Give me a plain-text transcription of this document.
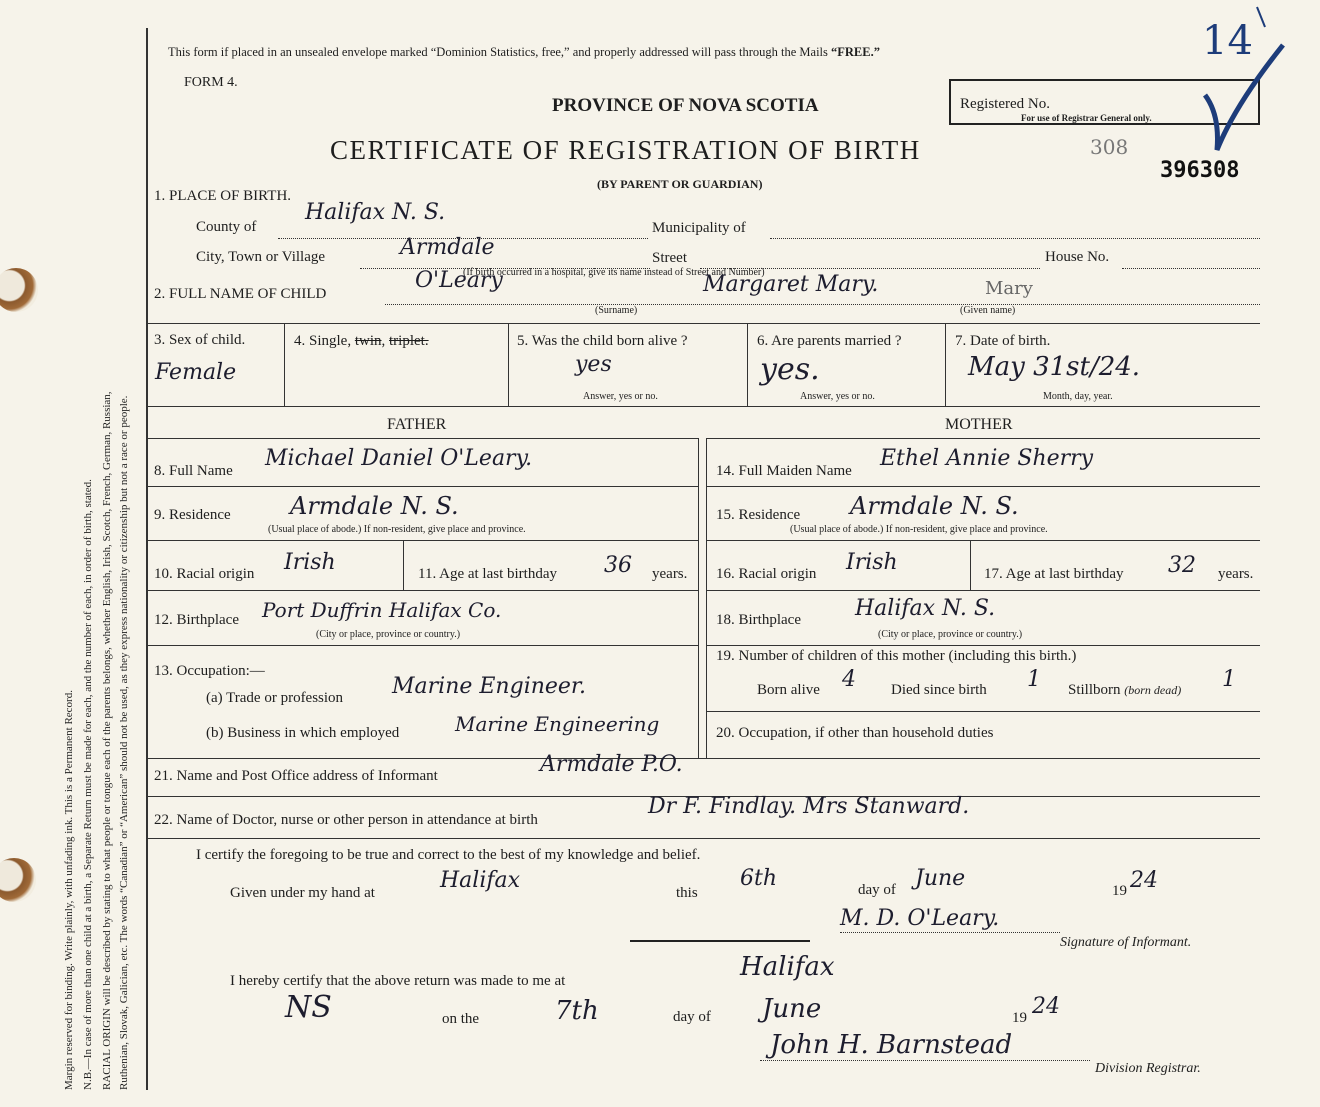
Margin reserved for binding. Write plainly, with unfading ink. This is a Permanent Record. N.B.—In case of more than one child at a birth, a Separate Return must be made for each, and the number of each, in order of birth, stated. RACIAL ORIGIN will be described by stating to what people or tongue each of the parents belongs, whether English, Irish, Scotch, French, German, Russian, Ruthenian, Slovak, Galician, etc. The words “Canadian” or “American” should not be used, as they express nationality or citizenship but not a race or people.
This form if placed in an unsealed envelope marked “Dominion Statistics, free,” and properly addressed will pass through the Mails “FREE.”
FORM 4.
PROVINCE OF NOVA SCOTIA
CERTIFICATE OF REGISTRATION OF BIRTH
(BY PARENT OR GUARDIAN)
Registered No.
For use of Registrar General only.
308
396308
14
1. PLACE OF BIRTH.
County of
Halifax N. S.
Municipality of
City, Town or Village	Armdale	Street	House No.
(If birth occurred in a hospital, give its name instead of Street and Number)
2. FULL NAME OF CHILD
O'Leary	Margaret Mary.	Mary
(Surname)	(Given name)
3. Sex of child.
Female
4. Single, twin, triplet.	5. Was the child born alive ?
yes
Answer, yes or no.
6. Are parents married ?
yes.
Answer, yes or no.
7. Date of birth.
May 31st/24.
Month, day, year.
FATHER	MOTHER
8. Full Name Michael Daniel O'Leary.
9. Residence Armdale N. S.
(Usual place of abode.) If non-resident, give place and province.
10. Racial origin Irish	11. Age at last birthday 36 years.
12. Birthplace Port Duffrin Halifax Co.
(City or place, province or country.)
13. Occupation:—
(a) Trade or profession Marine Engineer.
(b) Business in which employed	Marine Engineering
14. Full Maiden Name Ethel Annie Sherry
15. Residence Armdale N. S.
(Usual place of abode.) If non-resident, give place and province.
16. Racial origin Irish	17. Age at last birthday 32 years.
18. Birthplace Halifax N. S.
(City or place, province or country.)
19. Number of children of this mother (including this birth.)
Born alive 4 Died since birth 1 Stillborn (born dead) 1
20. Occupation, if other than household duties
21. Name and Post Office address of Informant	Armdale P.O.
22. Name of Doctor, nurse or other person in attendance at birth
Dr F. Findlay. Mrs Stanward.
I certify the foregoing to be true and correct to the best of my knowledge and belief.
Given under my hand at	Halifax	this
6th	day of June	19 24
M. D. O'Leary.
Signature of Informant.
I hereby certify that the above return was made to me at	Halifax
NS	on the	7th	day of June	19 24
John H. Barnstead
Division Registrar.
